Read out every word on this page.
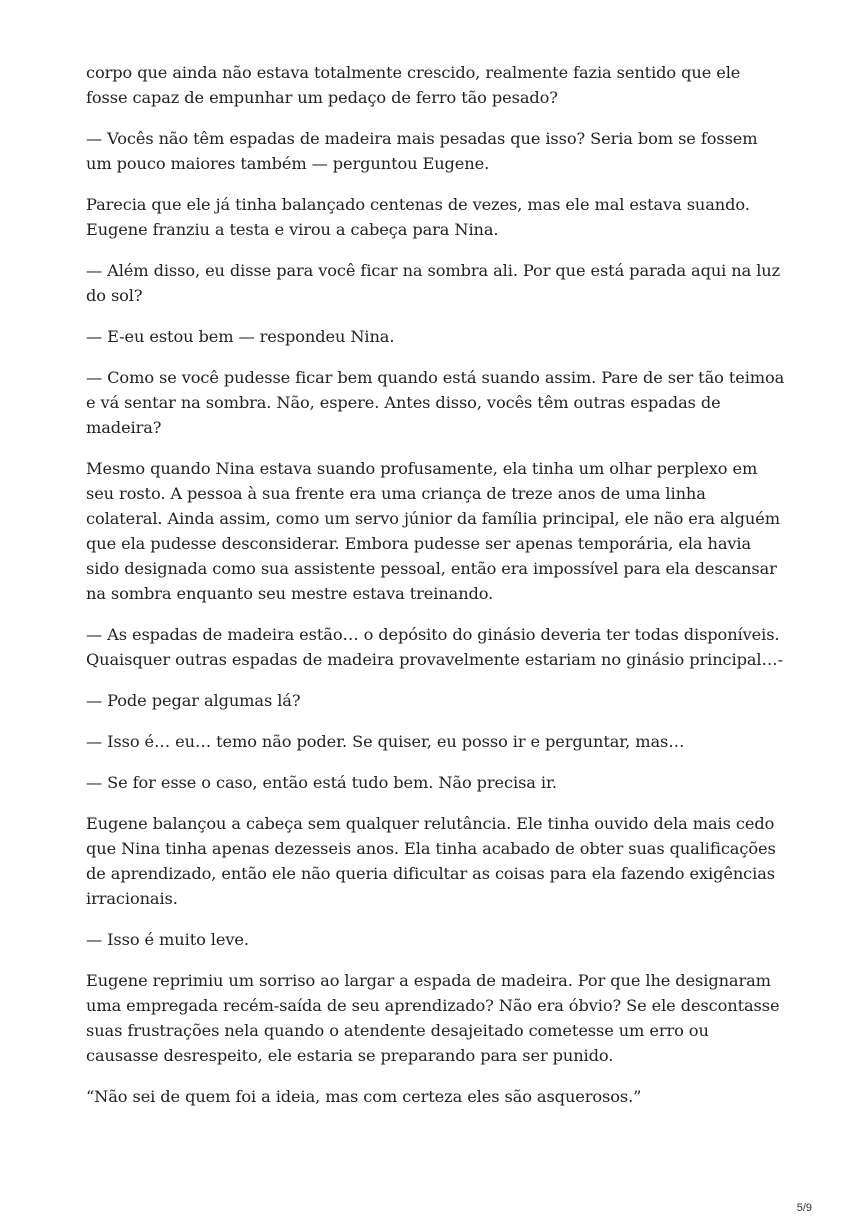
corpo que ainda não estava totalmente crescido, realmente fazia sentido que ele fosse capaz de empunhar um pedaço de ferro tão pesado?

— Vocês não têm espadas de madeira mais pesadas que isso? Seria bom se fossem um pouco maiores também — perguntou Eugene.

Parecia que ele já tinha balançado centenas de vezes, mas ele mal estava suando. Eugene franziu a testa e virou a cabeça para Nina.

— Além disso, eu disse para você ficar na sombra ali. Por que está parada aqui na luz do sol?

— E-eu estou bem — respondeu Nina.

— Como se você pudesse ficar bem quando está suando assim. Pare de ser tão teimoa e vá sentar na sombra. Não, espere. Antes disso, vocês têm outras espadas de madeira?

Mesmo quando Nina estava suando profusamente, ela tinha um olhar perplexo em seu rosto. A pessoa à sua frente era uma criança de treze anos de uma linha colateral. Ainda assim, como um servo júnior da família principal, ele não era alguém que ela pudesse desconsiderar. Embora pudesse ser apenas temporária, ela havia sido designada como sua assistente pessoal, então era impossível para ela descansar na sombra enquanto seu mestre estava treinando.

— As espadas de madeira estão… o depósito do ginásio deveria ter todas disponíveis. Quaisquer outras espadas de madeira provavelmente estariam no ginásio principal…-

— Pode pegar algumas lá?

— Isso é… eu… temo não poder. Se quiser, eu posso ir e perguntar, mas…

— Se for esse o caso, então está tudo bem. Não precisa ir.

Eugene balançou a cabeça sem qualquer relutância. Ele tinha ouvido dela mais cedo que Nina tinha apenas dezesseis anos. Ela tinha acabado de obter suas qualificações de aprendizado, então ele não queria dificultar as coisas para ela fazendo exigências irracionais.

— Isso é muito leve.

Eugene reprimiu um sorriso ao largar a espada de madeira. Por que lhe designaram uma empregada recém-saída de seu aprendizado? Não era óbvio? Se ele descontasse suas frustrações nela quando o atendente desajeitado cometesse um erro ou causasse desrespeito, ele estaria se preparando para ser punido.

“Não sei de quem foi a ideia, mas com certeza eles são asquerosos.”

5/9
